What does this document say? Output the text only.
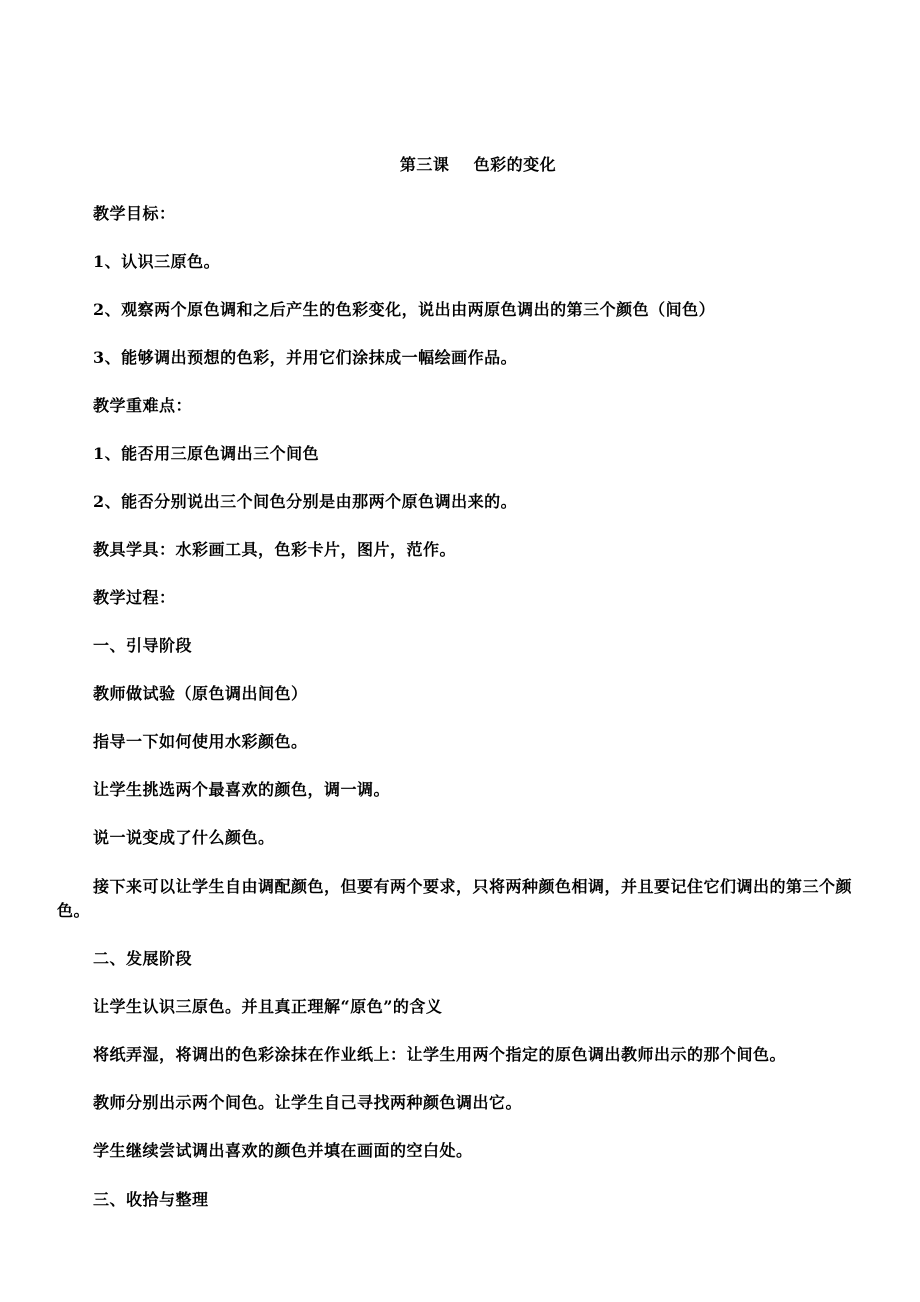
第三课    色彩的变化
教学目标：
1、认识三原色。
2、观察两个原色调和之后产生的色彩变化，说出由两原色调出的第三个颜色（间色）
3、能够调出预想的色彩，并用它们涂抹成一幅绘画作品。
教学重难点：
1、能否用三原色调出三个间色
2、能否分别说出三个间色分别是由那两个原色调出来的。
教具学具：水彩画工具，色彩卡片，图片，范作。
教学过程：
一、引导阶段
教师做试验（原色调出间色）
指导一下如何使用水彩颜色。
让学生挑选两个最喜欢的颜色，调一调。
说一说变成了什么颜色。
接下来可以让学生自由调配颜色，但要有两个要求，只将两种颜色相调，并且要记住它们调出的第三个颜色。
二、发展阶段
让学生认识三原色。并且真正理解“原色”的含义
将纸弄湿，将调出的色彩涂抹在作业纸上：让学生用两个指定的原色调出教师出示的那个间色。
教师分别出示两个间色。让学生自己寻找两种颜色调出它。
学生继续尝试调出喜欢的颜色并填在画面的空白处。
三、收拾与整理
